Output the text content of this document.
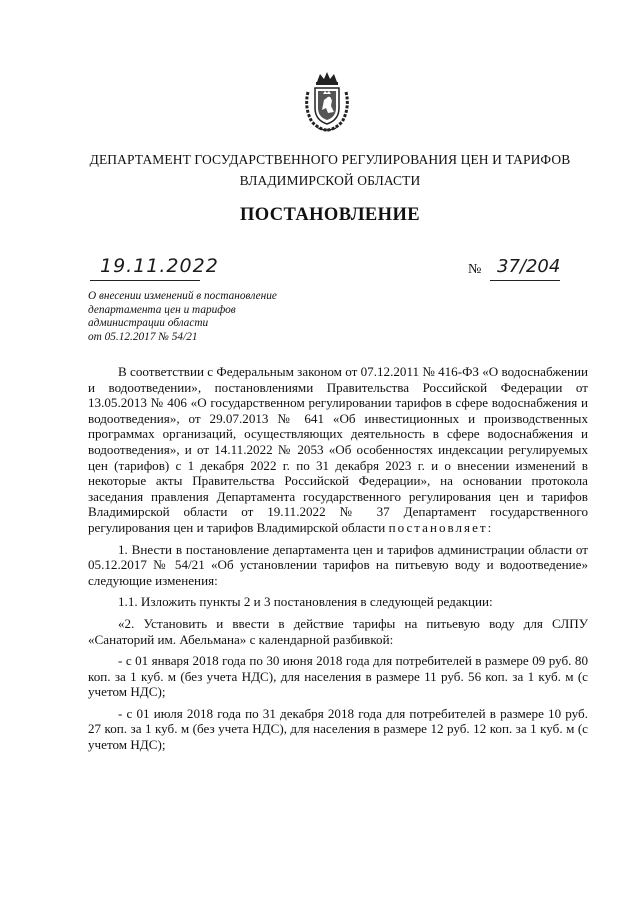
ДЕПАРТАМЕНТ ГОСУДАРСТВЕННОГО РЕГУЛИРОВАНИЯ ЦЕН И ТАРИФОВ
ВЛАДИМИРСКОЙ ОБЛАСТИ
ПОСТАНОВЛЕНИЕ
19.11.2022	№ 37/204
О внесении изменений в постановление
департамента цен и тарифов
администрации области
от 05.12.2017 № 54/21

В соответствии с Федеральным законом от 07.12.2011 № 416-ФЗ «О водоснабжении и водоотведении», постановлениями Правительства Российской Федерации от 13.05.2013 № 406 «О государственном регулировании тарифов в сфере водоснабжения и водоотведения», от 29.07.2013 № 641 «Об инвестиционных и производственных программах организаций, осуществляющих деятельность в сфере водоснабжения и водоотведения», и от 14.11.2022 № 2053 «Об особенностях индексации регулируемых цен (тарифов) с 1 декабря 2022 г. по 31 декабря 2023 г. и о внесении изменений в некоторые акты Правительства Российской Федерации», на основании протокола заседания правления Департамента государственного регулирования цен и тарифов Владимирской области от 19.11.2022 № 37 Департамент государственного регулирования цен и тарифов Владимирской области постановляет:

1. Внести в постановление департамента цен и тарифов администрации области от 05.12.2017 № 54/21 «Об установлении тарифов на питьевую воду и водоотведение» следующие изменения:

1.1. Изложить пункты 2 и 3 постановления в следующей редакции:

«2. Установить и ввести в действие тарифы на питьевую воду для СЛПУ «Санаторий им. Абельмана» с календарной разбивкой:

- с 01 января 2018 года по 30 июня 2018 года для потребителей в размере 09 руб. 80 коп. за 1 куб. м (без учета НДС), для населения в размере 11 руб. 56 коп. за 1 куб. м (с учетом НДС);

- с 01 июля 2018 года по 31 декабря 2018 года для потребителей в размере 10 руб. 27 коп. за 1 куб. м (без учета НДС), для населения в размере 12 руб. 12 коп. за 1 куб. м (с учетом НДС);
